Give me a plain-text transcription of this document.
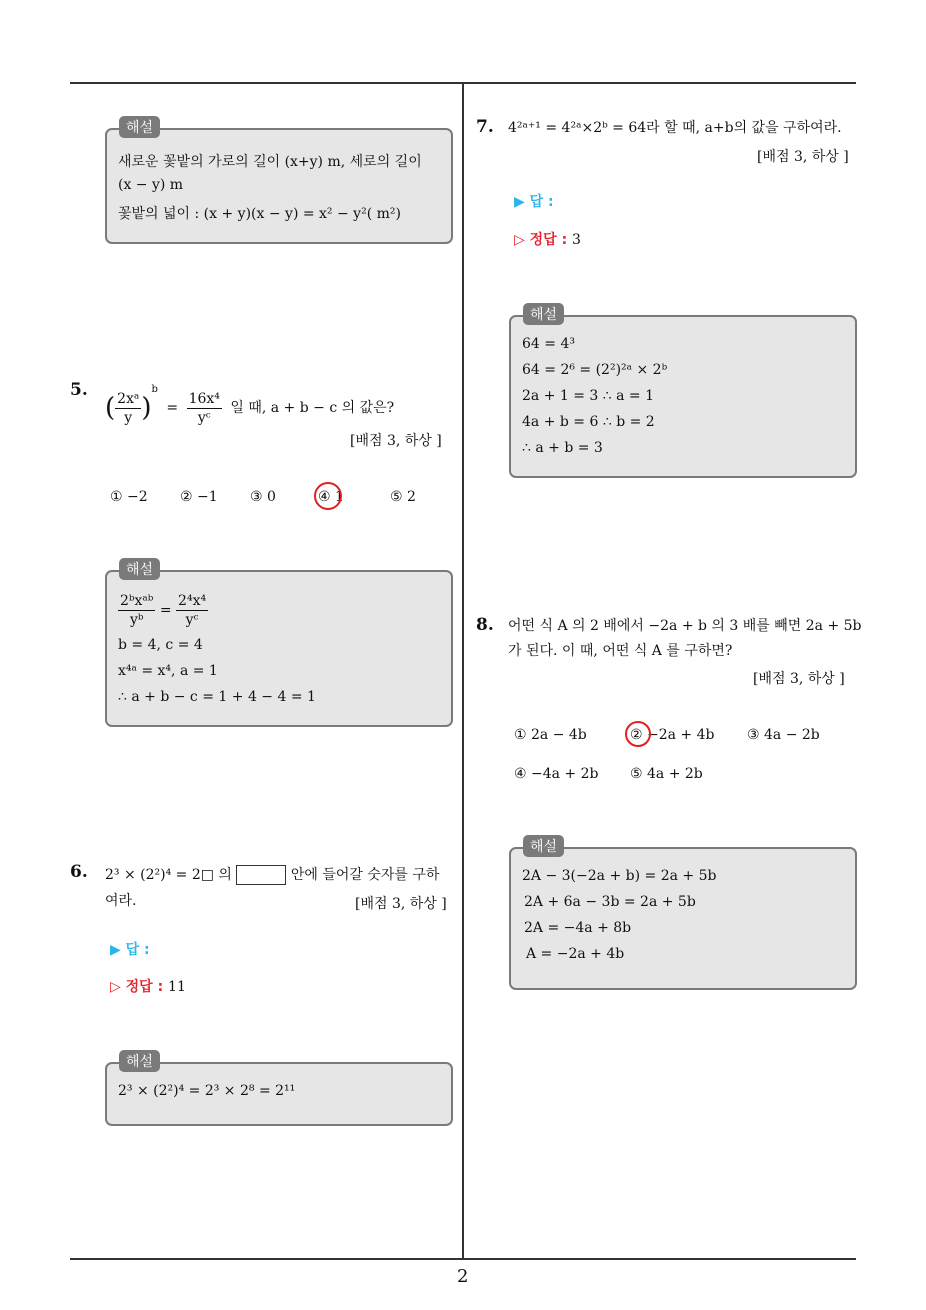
해설
새로운 꽃밭의 가로의 길이 (x+y) m, 세로의 길이
(x − y) m
꽃밭의 넓이 : (x + y)(x − y) = x² − y²( m²)
5.
( $\frac{\text{2xᵃ}}{y} )^b = \frac{\text{16x⁴}}{\text{yᶜ}}$ 일 때, a + b − c 의 값은?
[배점 3, 하상 ]
① −2 ② −1 ③ 0	④ 1	⑤ 2
해설
$\frac{\text{2ᵇxᵃᵇ}}{\text{yᵇ}} = \frac{\text{2⁴x⁴}}{\text{yᶜ}}$
b = 4, c = 4
x⁴ᵃ = x⁴, a = 1
∴ a + b − c = 1 + 4 − 4 = 1
6. 2³ × (2²)⁴ = 2□ 의	안에 들어갈 숫자를 구하
여라.	[배점 3, 하상 ]
▶ 답 :
▷ 정답 : 11
해설
2³ × (2²)⁴ = 2³ × 2⁸ = 2¹¹
7. 4²ᵃ⁺¹ = 4²ᵃ×2ᵇ = 64라 할 때, a+b의 값을 구하여라.
[배점 3, 하상 ]
▶ 답 :
▷ 정답 : 3
해설
64 = 4³
64 = 2⁶ = (2²)²ᵃ × 2ᵇ
2a + 1 = 3 ∴ a = 1
4a + b = 6 ∴ b = 2
∴ a + b = 3
8. 어떤 식 A 의 2 배에서 −2a + b 의 3 배를 빼면 2a + 5b
가 된다. 이 때, 어떤 식 A 를 구하면?
[배점 3, 하상 ]
① 2a − 4b	② −2a + 4b ③ 4a − 2b
④ −4a + 2b ⑤ 4a + 2b
해설
2A − 3(−2a + b) = 2a + 5b
2A + 6a − 3b = 2a + 5b
2A = −4a + 8b
A = −2a + 4b
2
